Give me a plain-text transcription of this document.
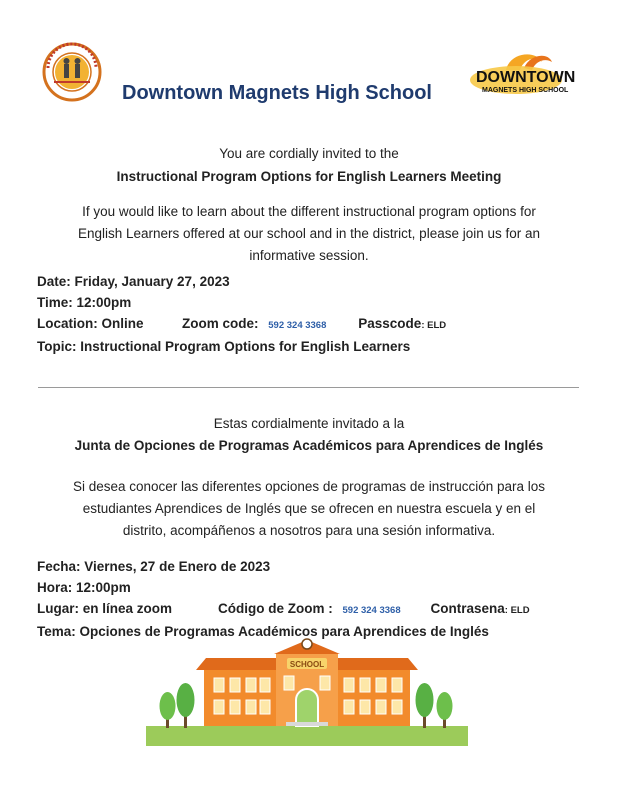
Downtown Magnets High School
DOWNTOWN
MAGNETS HIGH SCHOOL
You are cordially invited to the
Instructional Program Options for English Learners Meeting
If you would like to learn about the different instructional program options for
English Learners offered at our school and in the district, please join us for an
informative session.
Date: Friday, January 27, 2023
Time: 12:00pm
Location: Online	Zoom code: 592 324 3368 Passcode: ELD
Topic: Instructional Program Options for English Learners
Estas cordialmente invitado a la
Junta de Opciones de Programas Académicos para Aprendices de Inglés
Si desea conocer las diferentes opciones de programas de instrucción para los
estudiantes Aprendices de Inglés que se ofrecen en nuestra escuela y en el
distrito, acompáñenos a nosotros para una sesión informativa.
Fecha: Viernes, 27 de Enero de 2023
Hora: 12:00pm
Lugar: en línea zoom	Código de Zoom : 592 324 3368 Contrasena: ELD
Tema: Opciones de Programas Académicos para Aprendices de Inglés
SCHOOL
